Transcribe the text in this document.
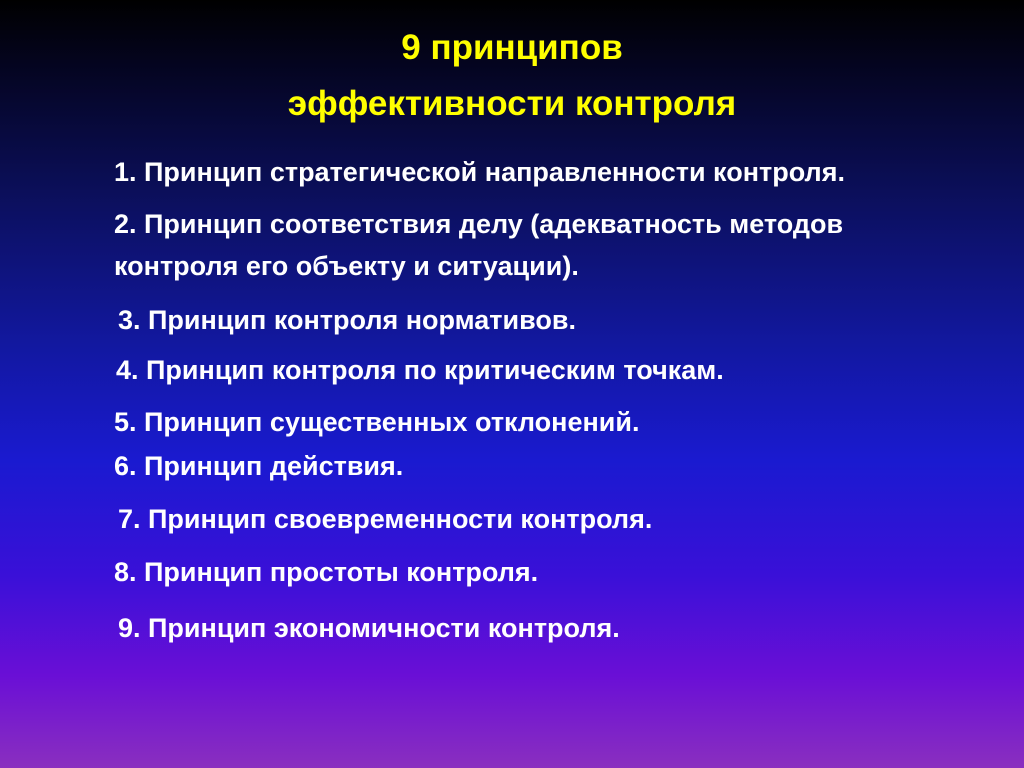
9 принципов
эффективности контроля
1. Принцип стратегической направленности контроля.
2. Принцип соответствия делу (адекватность методов
контроля его объекту и ситуации).
3. Принцип контроля нормативов.
4. Принцип контроля по критическим точкам.
5. Принцип существенных отклонений.
6. Принцип действия.
7. Принцип своевременности контроля.
8. Принцип простоты контроля.
9. Принцип экономичности контроля.
